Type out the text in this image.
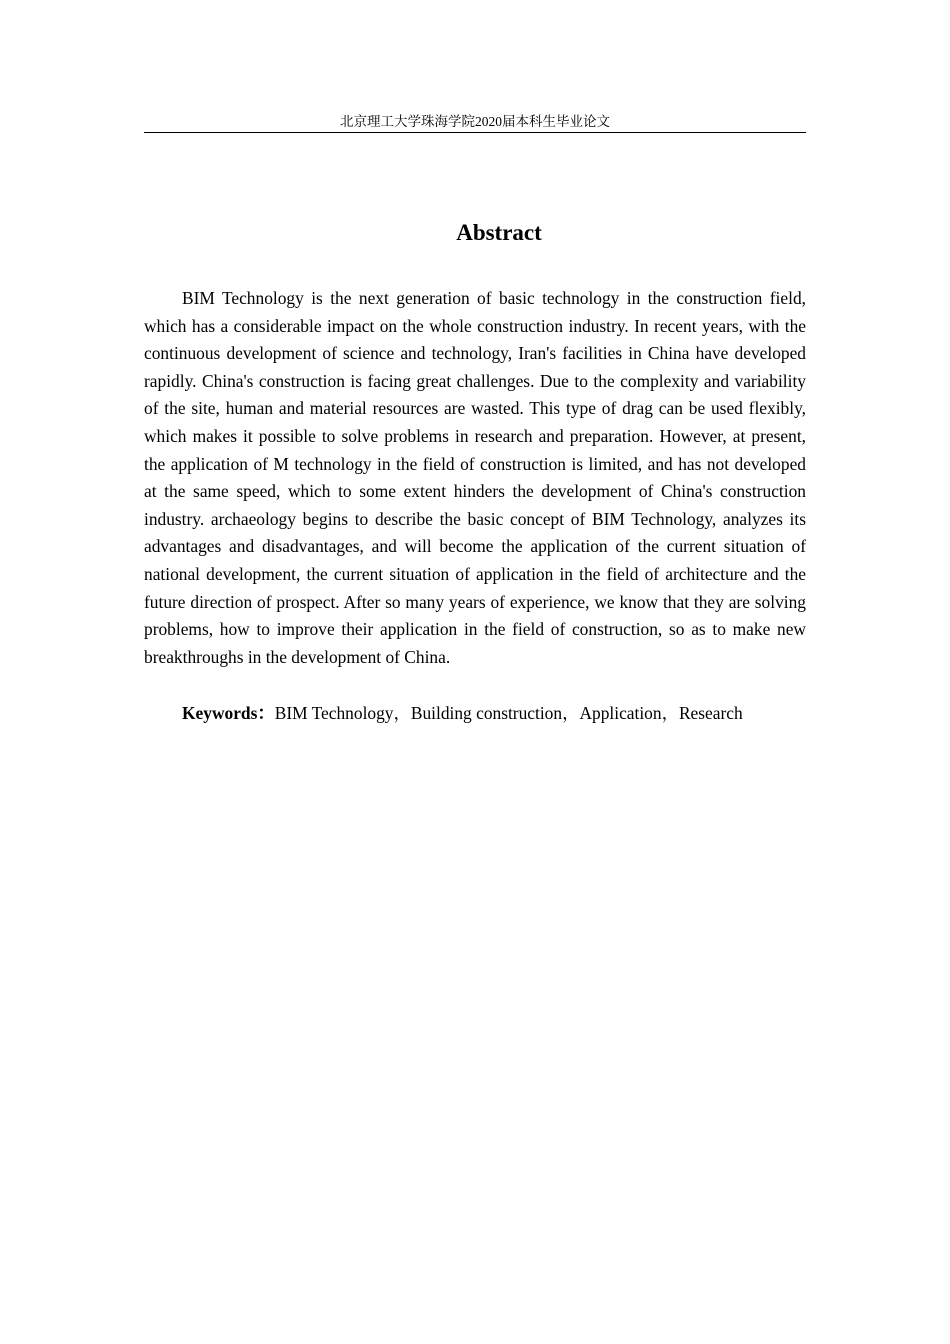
北京理工大学珠海学院2020届本科生毕业论文
Abstract

BIM Technology is the next generation of basic technology in the construction field, which has a considerable impact on the whole construction industry. In recent years, with the continuous development of science and technology, Iran's facilities in China have developed rapidly. China's construction is facing great challenges. Due to the complexity and variability of the site, human and material resources are wasted. This type of drag can be used flexibly, which makes it possible to solve problems in research and preparation. However, at present, the application of M technology in the field of construction is limited, and has not developed at the same speed, which to some extent hinders the development of China's construction industry. archaeology begins to describe the basic concept of BIM Technology, analyzes its advantages and disadvantages, and will become the application of the current situation of national development, the current situation of application in the field of architecture and the future direction of prospect. After so many years of experience, we know that they are solving problems, how to improve their application in the field of construction, so as to make new breakthroughs in the development of China.

Keywords：BIM Technology，Building construction，Application，Research
